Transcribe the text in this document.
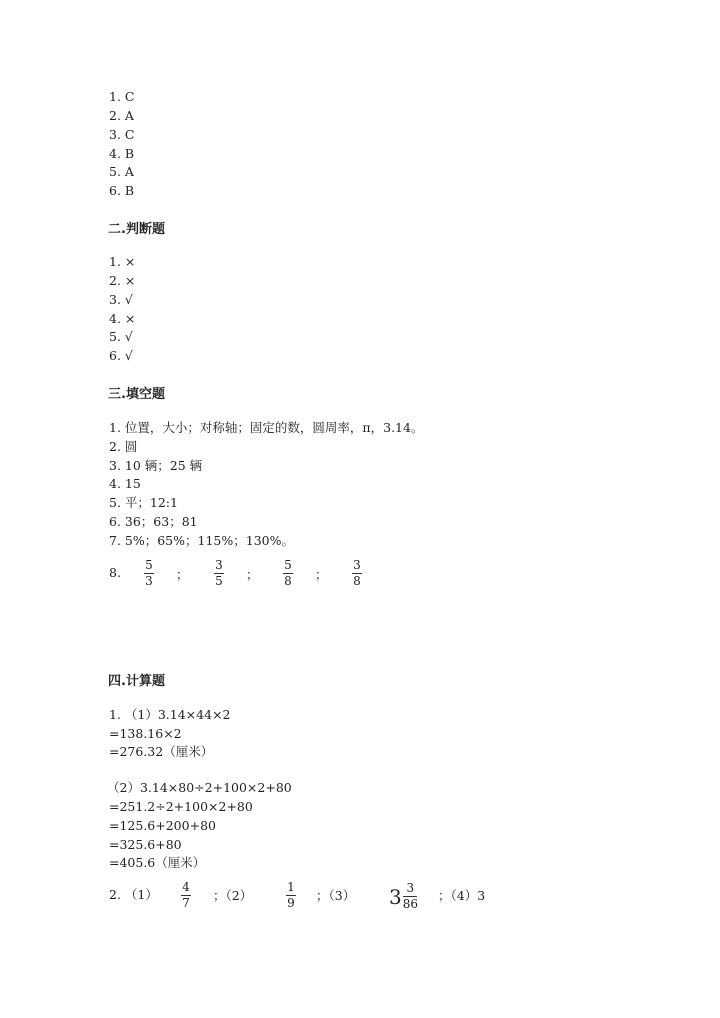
1. C
2. A
3. C
4. B
5. A
6. B
二.判断题
1. ×
2. ×
3. √
4. ×
5. √
6. √
三.填空题
1. 位置，大小；对称轴；固定的数，圆周率，π，3.14。
2. 圆
3. 10 辆；25 辆
4. 15
5. 平；12:1
6. 36；63；81
7. 5%；65%；115%；130%。
8. 5
3 ；
3
5 ；
5
8 ；
3
8
四.计算题
1. （1）3.14×44×2
=138.16×2
=276.32（厘米）
（2）3.14×80÷2+100×2+80
=251.2÷2+100×2+80
=125.6+200+80
=325.6+80
=405.6（厘米）
2. （1） 4
7 ；（2）
1
9 ；（3） $3 \frac{3}{86}$ ；（4）3
